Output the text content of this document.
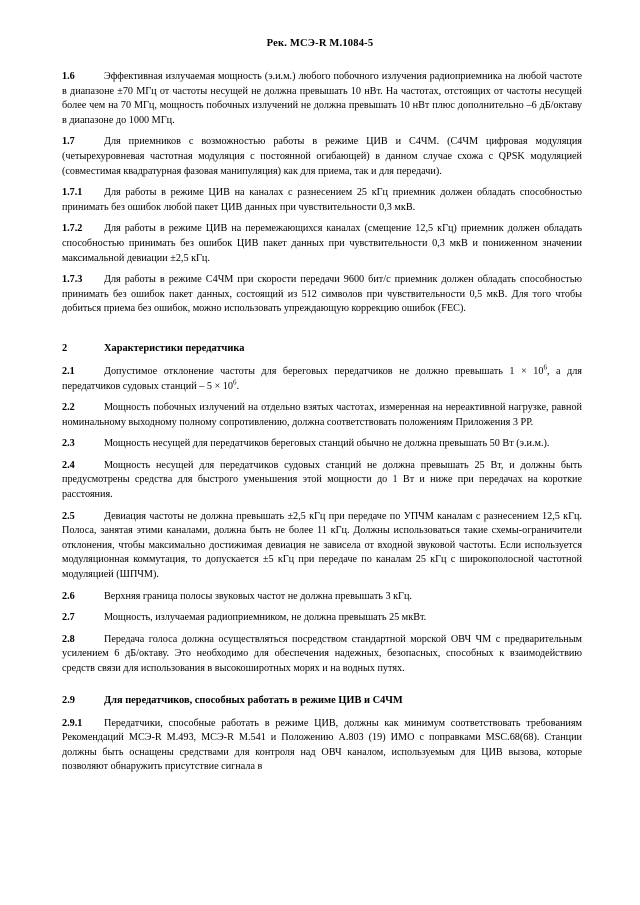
Рек. МСЭ-R M.1084-5

1.6	Эффективная излучаемая мощность (э.и.м.) любого побочного излучения радиоприемника на любой частоте в диапазоне ±70 МГц от частоты несущей не должна превышать 10 нВт. На частотах, отстоящих от частоты несущей более чем на 70 МГц, мощность побочных излучений не должна превышать 10 нВт плюс дополнительно –6 дБ/октаву в диапазоне до 1000 МГц.

1.7	Для приемников с возможностью работы в режиме ЦИВ и С4ЧМ. (С4ЧМ цифровая модуляция (четырехуровневая частотная модуляция с постоянной огибающей) в данном случае схожа с QPSK модуляцией (совместимая квадратурная фазовая манипуляция) как для приема, так и для передачи).

1.7.1 Для работы в режиме ЦИВ на каналах с разнесением 25 кГц приемник должен обладать способностью принимать без ошибок любой пакет ЦИВ данных при чувствительности 0,3 мкВ.

1.7.2 Для работы в режиме ЦИВ на перемежающихся каналах (смещение 12,5 кГц) приемник должен обладать способностью принимать без ошибок ЦИВ пакет данных при чувствительности 0,3 мкВ и пониженном значении максимальной девиации ±2,5 кГц.

1.7.3 Для работы в режиме С4ЧМ при скорости передачи 9600 бит/с приемник должен обладать способностью принимать без ошибок пакет данных, состоящий из 512 символов при чувствительности 0,5 мкВ. Для того чтобы добиться приема без ошибок, можно использовать упреждающую коррекцию ошибок (FEC).

2	Характеристики передатчика

2.1	Допустимое отклонение частоты для береговых передатчиков не должно превышать $1 \times 10^6$, а для передатчиков судовых станций – $5 \times 10^6$.

2.2	Мощность побочных излучений на отдельно взятых частотах, измеренная на нереактивной нагрузке, равной номинальному выходному полному сопротивлению, должна соответствовать положениям Приложения 3 РР.

2.3	Мощность несущей для передатчиков береговых станций обычно не должна превышать 50 Вт (э.и.м.).

2.4	Мощность несущей для передатчиков судовых станций не должна превышать 25 Вт, и должны быть предусмотрены средства для быстрого уменьшения этой мощности до 1 Вт и ниже при передачах на короткие расстояния.

2.5	Девиация частоты не должна превышать ±2,5 кГц при передаче по УПЧМ каналам с разнесением 12,5 кГц. Полоса, занятая этими каналами, должна быть не более 11 кГц. Должны использоваться такие схемы-ограничители отклонения, чтобы максимально достижимая девиация не зависела от входной звуковой частоты. Если используется модуляционная коммутация, то допускается ±5 кГц при передаче по каналам 25 кГц с широкополосной частотной модуляцией (ШПЧМ).

2.6	Верхняя граница полосы звуковых частот не должна превышать 3 кГц.

2.7	Мощность, излучаемая радиоприемником, не должна превышать 25 мкВт.

2.8	Передача голоса должна осуществляться посредством стандартной морской ОВЧ ЧМ с предварительным усилением 6 дБ/октаву. Это необходимо для обеспечения надежных, безопасных, способных к взаимодействию средств связи для использования в высокоширотных морях и на водных путях.

2.9	Для передатчиков, способных работать в режиме ЦИВ и С4ЧМ

2.9.1 Передатчики, способные работать в режиме ЦИВ, должны как минимум соответствовать требованиям Рекомендаций МСЭ-R M.493, МСЭ-R M.541 и Положению A.803 (19) ИМО с поправками MSC.68(68). Станции должны быть оснащены средствами для контроля над ОВЧ каналом, используемым для ЦИВ вызова, которые позволяют обнаружить присутствие сигнала в
